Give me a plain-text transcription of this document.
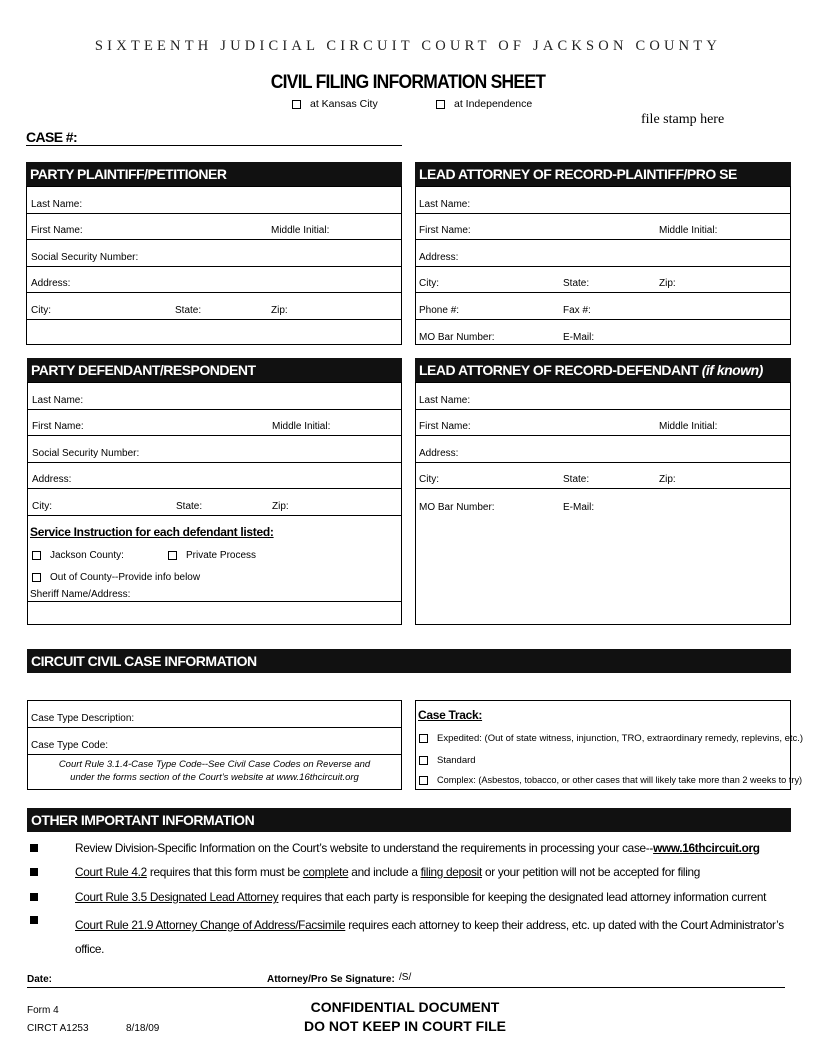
SIXTEENTH JUDICIAL CIRCUIT COURT OF JACKSON COUNTY
CIVIL FILING INFORMATION SHEET
at Kansas City	at Independence
file stamp here
CASE #:
PARTY PLAINTIFF/PETITIONER
Last Name:
First Name:	Middle Initial:
Social Security Number:
Address:
City:	State:	Zip:
LEAD ATTORNEY OF RECORD-PLAINTIFF/PRO SE
Last Name:
First Name:	Middle Initial:
Address:
City:	State:	Zip:
Phone #:	Fax #:
MO Bar Number:	E-Mail:
PARTY DEFENDANT/RESPONDENT
Last Name:
First Name:	Middle Initial:
Social Security Number:
Address:
City:	State:	Zip:
Service Instruction for each defendant listed:
Jackson County:	Private Process
Out of County--Provide info below
Sheriff Name/Address:
LEAD ATTORNEY OF RECORD-DEFENDANT (if known)
Last Name:
First Name:	Middle Initial:
Address:
City:	State:	Zip:
MO Bar Number:	E-Mail:
CIRCUIT CIVIL CASE INFORMATION
Case Type Description:
Case Type Code:
Court Rule 3.1.4-Case Type Code--See Civil Case Codes on Reverse and
under the forms section of the Court’s website at www.16thcircuit.org
Case Track:
Expedited: (Out of state witness, injunction, TRO, extraordinary remedy, replevins, etc.)
Standard
Complex: (Asbestos, tobacco, or other cases that will likely take more than 2 weeks to try)
OTHER IMPORTANT INFORMATION
Review Division-Specific Information on the Court’s website to understand the requirements in processing your case--www.16thcircuit.org
Court Rule 4.2 requires that this form must be complete and include a filing deposit or your petition will not be accepted for filing
Court Rule 3.5 Designated Lead Attorney requires that each party is responsible for keeping the designated lead attorney information current
Court Rule 21.9 Attorney Change of Address/Facsimile requires each attorney to keep their address, etc. up dated with the Court Administrator’s
office.
Date:	Attorney/Pro Se Signature: /S/
Form 4
CIRCT A1253	8/18/09
CONFIDENTIAL DOCUMENT
DO NOT KEEP IN COURT FILE
